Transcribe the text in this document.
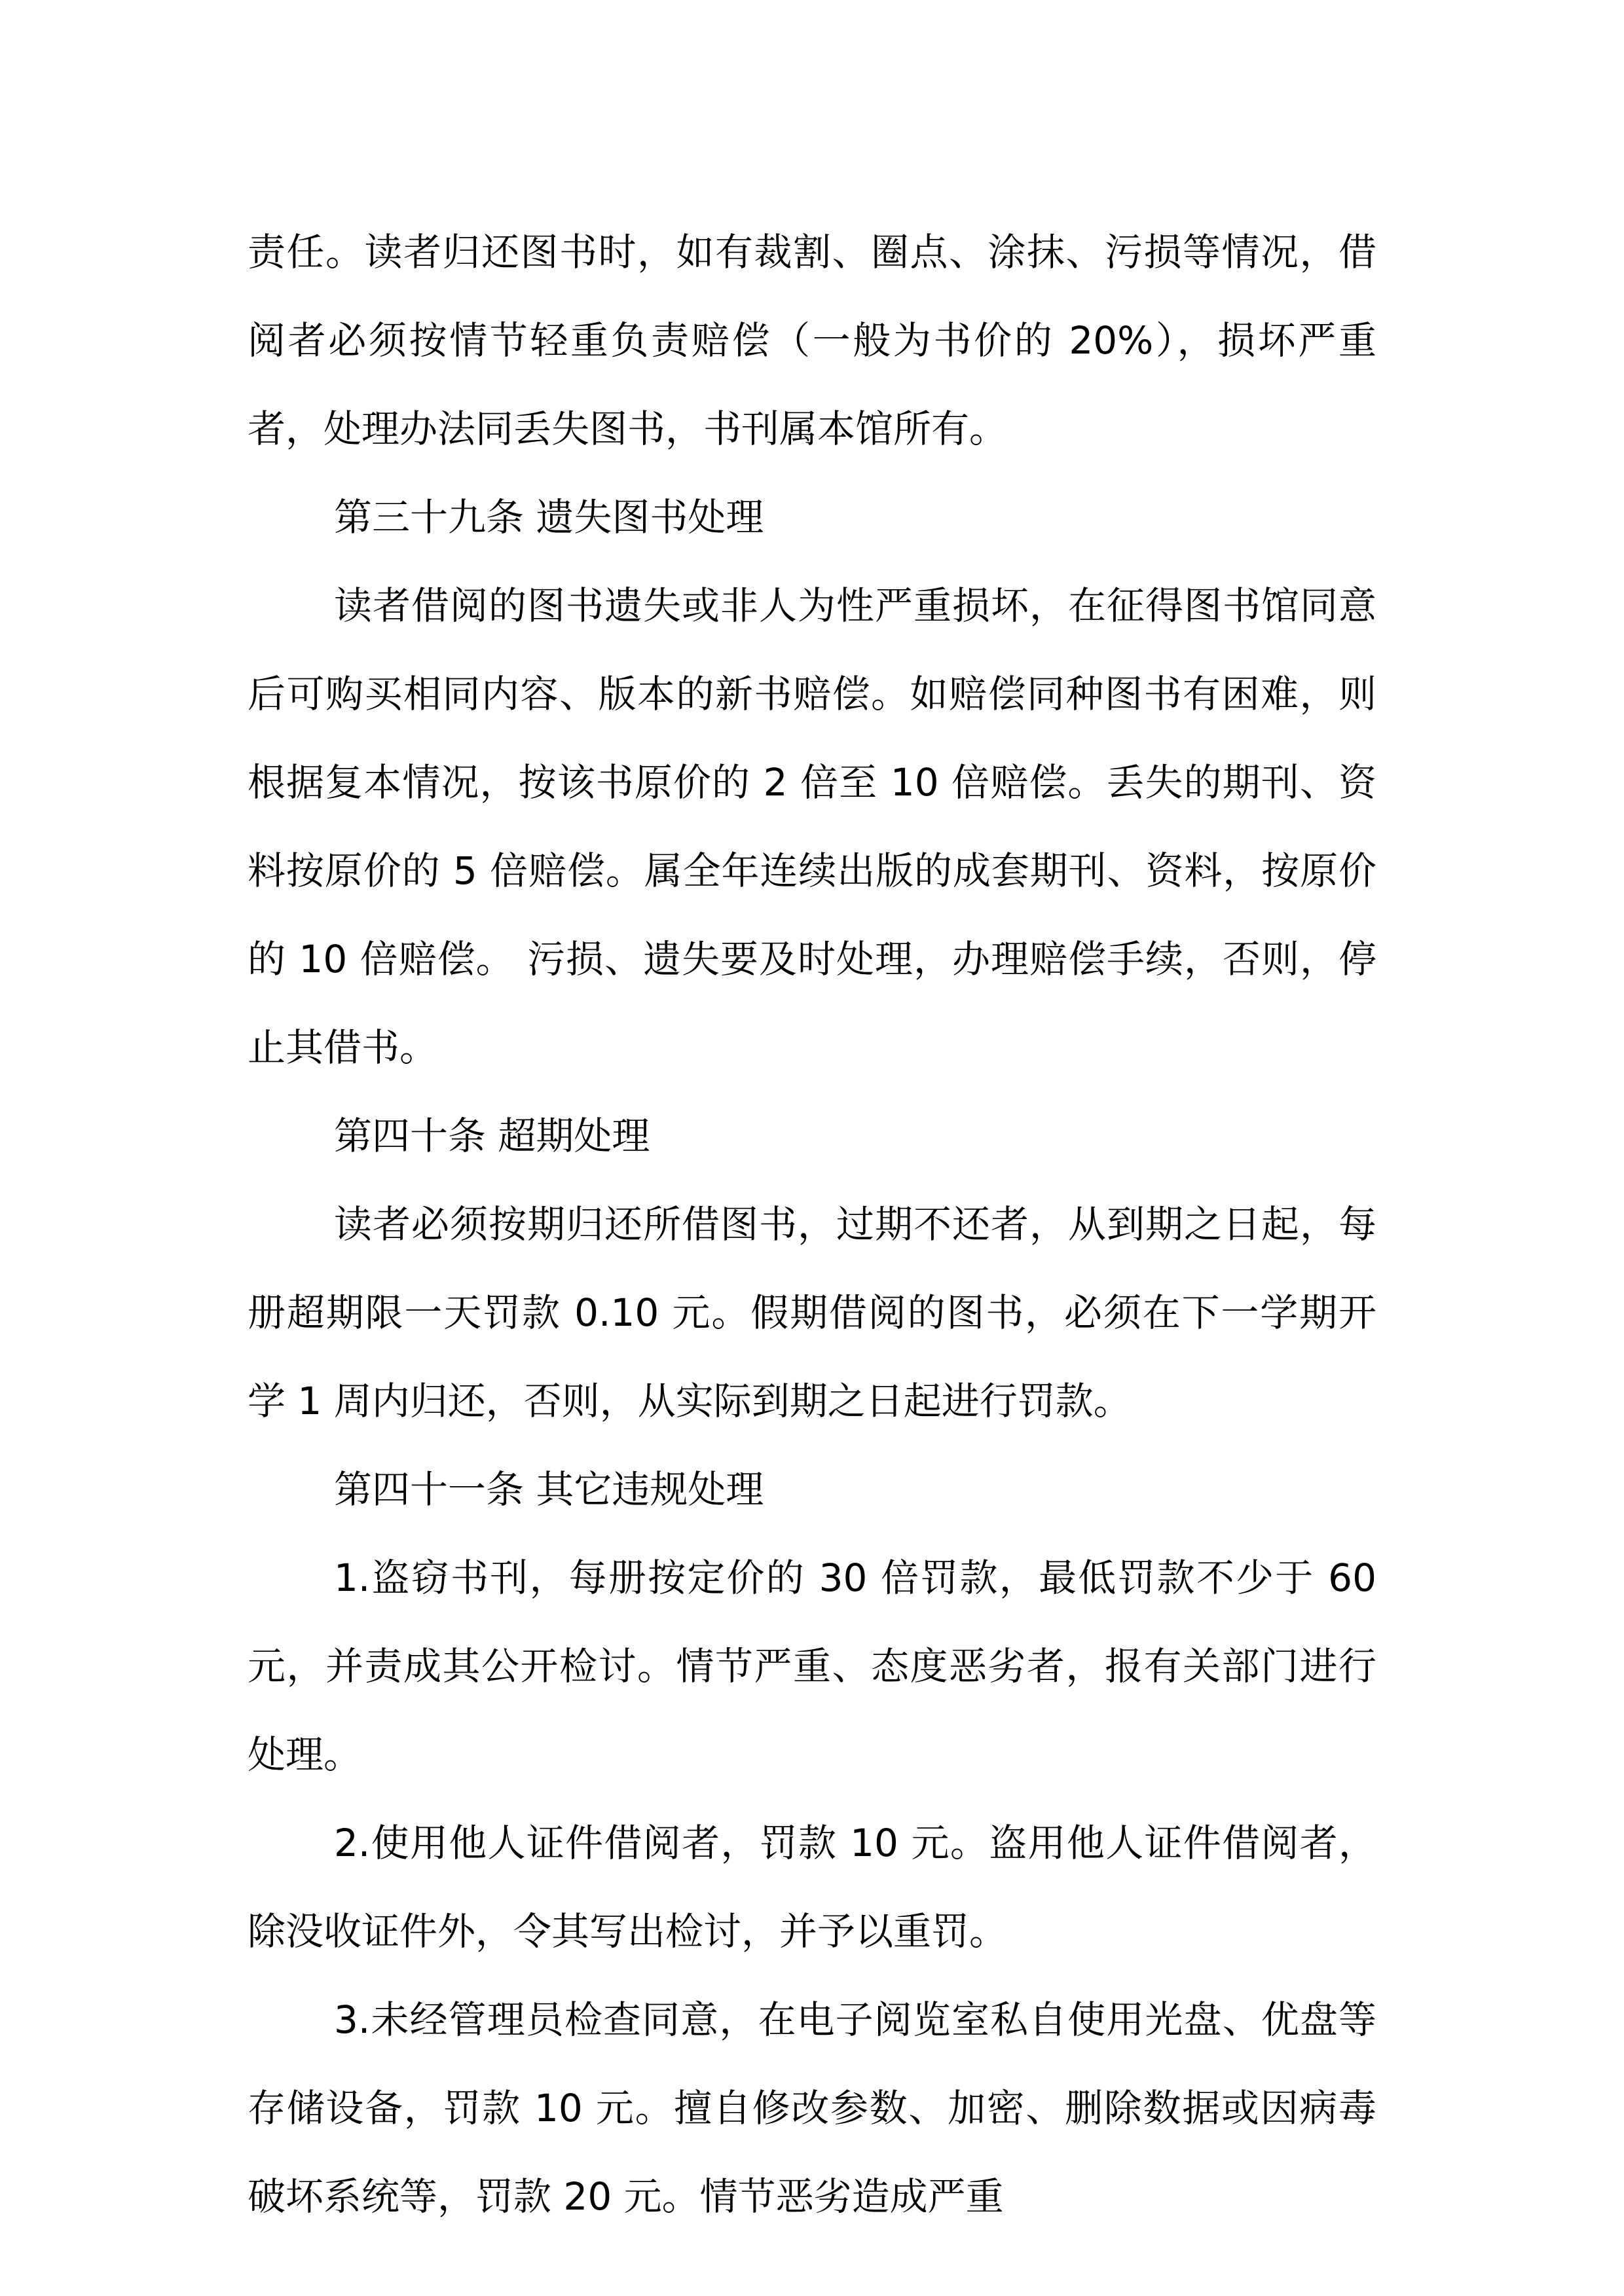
责任。读者归还图书时，如有裁割、圈点、涂抹、污损等情况，借阅者必须按情节轻重负责赔偿（一般为书价的 20%），损坏严重者，处理办法同丢失图书，书刊属本馆所有。

第三十九条 遗失图书处理

读者借阅的图书遗失或非人为性严重损坏，在征得图书馆同意后可购买相同内容、版本的新书赔偿。如赔偿同种图书有困难，则根据复本情况，按该书原价的 2 倍至 10 倍赔偿。丢失的期刊、资料按原价的 5 倍赔偿。属全年连续出版的成套期刊、资料，按原价的 10 倍赔偿。 污损、遗失要及时处理，办理赔偿手续，否则，停止其借书。

第四十条 超期处理

读者必须按期归还所借图书，过期不还者，从到期之日起，每册超期限一天罚款 0.10 元。假期借阅的图书，必须在下一学期开学 1 周内归还，否则，从实际到期之日起进行罚款。

第四十一条 其它违规处理

1.盗窃书刊，每册按定价的 30 倍罚款，最低罚款不少于 60 元，并责成其公开检讨。情节严重、态度恶劣者，报有关部门进行处理。

2.使用他人证件借阅者，罚款 10 元。盗用他人证件借阅者，除没收证件外，令其写出检讨，并予以重罚。

3.未经管理员检查同意，在电子阅览室私自使用光盘、优盘等存储设备，罚款 10 元。擅自修改参数、加密、删除数据或因病毒破坏系统等，罚款 20 元。情节恶劣造成严重
